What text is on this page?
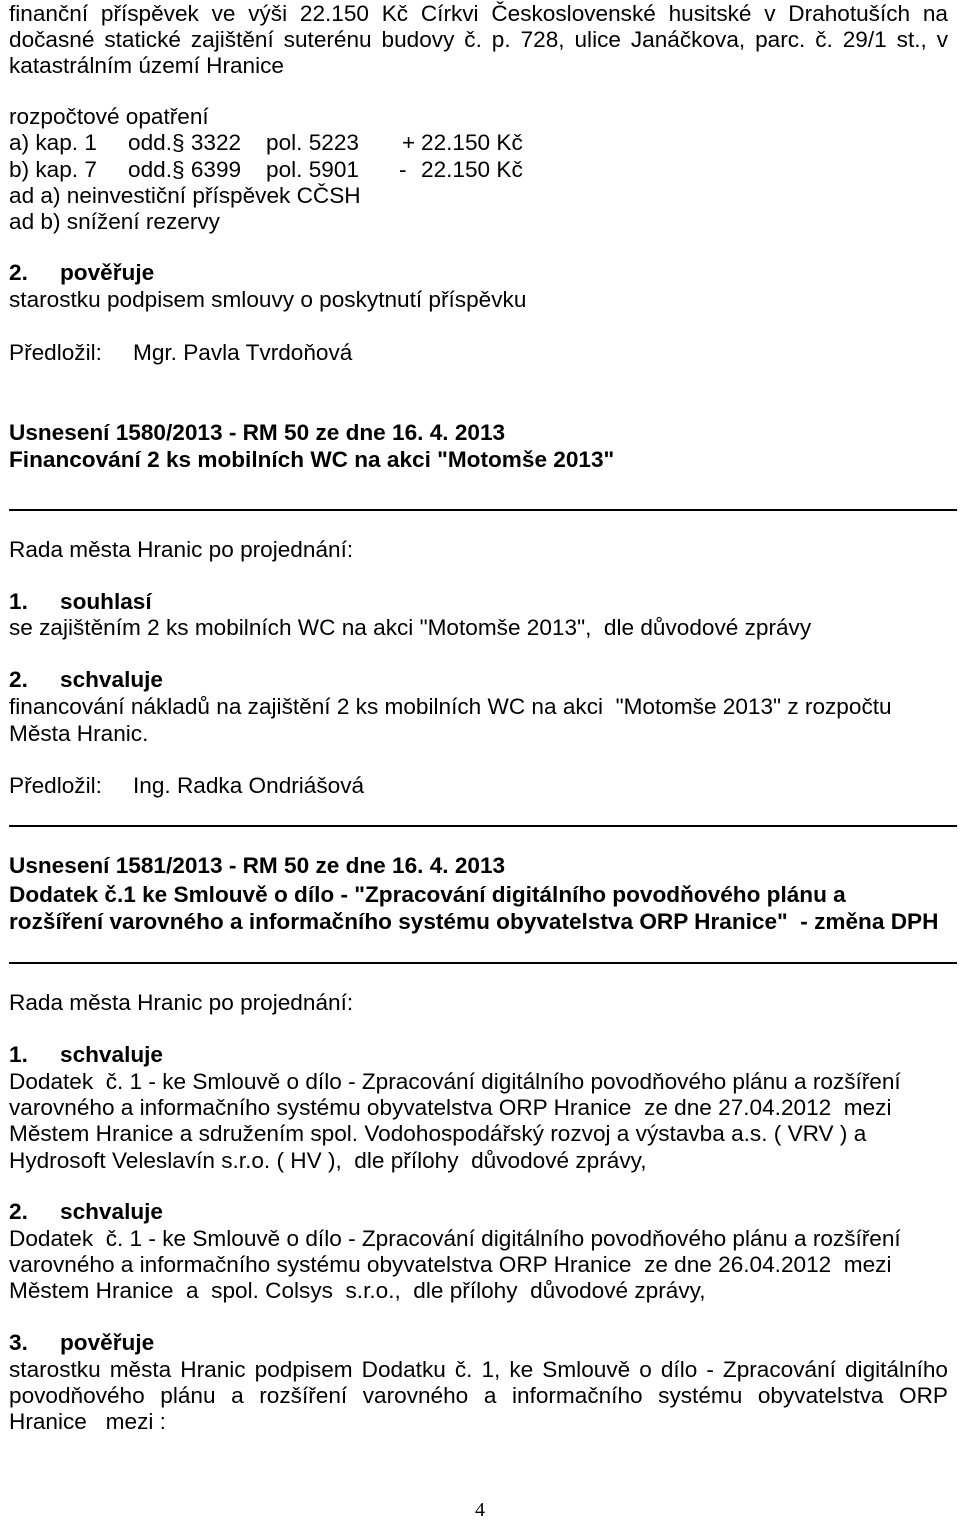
finanční příspěvek ve výši 22.150 Kč Církvi Československé husitské v Drahotuších na
dočasné statické zajištění suterénu budovy č. p. 728, ulice Janáčkova, parc. č. 29/1 st., v
katastrálním území Hranice
rozpočtové opatření

a) kap. 1

odd.§ 3322

pol. 5223

+

22.150 Kč

b) kap. 7

odd.§ 6399

pol. 5901

-

22.150 Kč

ad a) neinvestiční příspěvek CČSH
ad b) snížení rezervy

2.

pověřuje

starostku podpisem smlouvy o poskytnutí příspěvku

Předložil:

Mgr. Pavla Tvrdoňová

Usnesení 1580/2013 - RM 50 ze dne 16. 4. 2013
Financování 2 ks mobilních WC na akci "Motomše 2013"
Rada města Hranic po projednání:

1.

souhlasí

se zajištěním 2 ks mobilních WC na akci "Motomše 2013",  dle důvodové zprávy

2.

schvaluje

financování nákladů na zajištění 2 ks mobilních WC na akci  "Motomše 2013" z rozpočtu
Města Hranic.

Předložil:

Ing. Radka Ondriášová

Usnesení 1581/2013 - RM 50 ze dne 16. 4. 2013
Dodatek č.1 ke Smlouvě o dílo - "Zpracování digitálního povodňového plánu a
rozšíření varovného a informačního systému obyvatelstva ORP Hranice"  - změna DPH
Rada města Hranic po projednání:

1.

schvaluje

Dodatek  č. 1 - ke Smlouvě o dílo - Zpracování digitálního povodňového plánu a rozšíření
varovného a informačního systému obyvatelstva ORP Hranice  ze dne 27.04.2012  mezi
Městem Hranice a sdružením spol. Vodohospodářský rozvoj a výstavba a.s. ( VRV ) a
Hydrosoft Veleslavín s.r.o. ( HV ),  dle přílohy  důvodové zprávy,

2.

schvaluje

Dodatek  č. 1 - ke Smlouvě o dílo - Zpracování digitálního povodňového plánu a rozšíření
varovného a informačního systému obyvatelstva ORP Hranice  ze dne 26.04.2012  mezi
Městem Hranice  a  spol. Colsys  s.r.o.,  dle přílohy  důvodové zprávy,

3.

pověřuje

starostku města Hranic podpisem Dodatku č. 1, ke Smlouvě o dílo - Zpracování digitálního
povodňového plánu a rozšíření varovného a informačního systému obyvatelstva ORP
Hranice   mezi :
4
